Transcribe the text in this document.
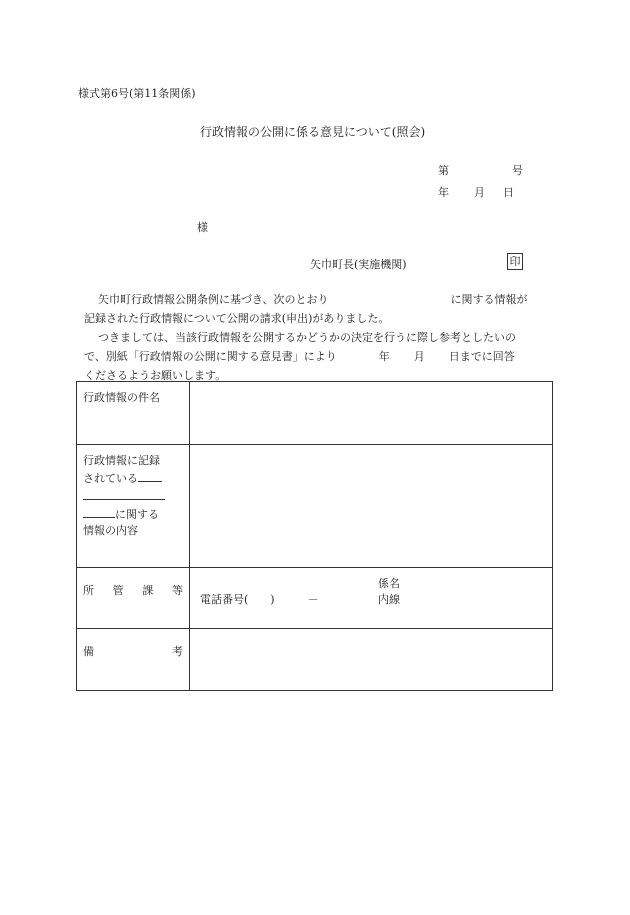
様式第6号(第11条関係)
行政情報の公開に係る意見について(照会)
第	号
年 月 日
様
矢巾町長(実施機関)	印
矢巾町行政情報公開条例に基づき、次のとおり	に関する情報が
記録された行政情報について公開の請求(申出)がありました。
つきましては、当該行政情報を公開するかどうかの決定を行うに際し参考としたいの
で、別紙「行政情報の公開に関する意見書」により	年 月 日までに回答
くださるようお願いします。
行政情報の件名	

行政情報に記録
されている
に関する
情報の内容	

所 管 課 等	電話番号(　　)　　　－
係名
内線

備 考	
